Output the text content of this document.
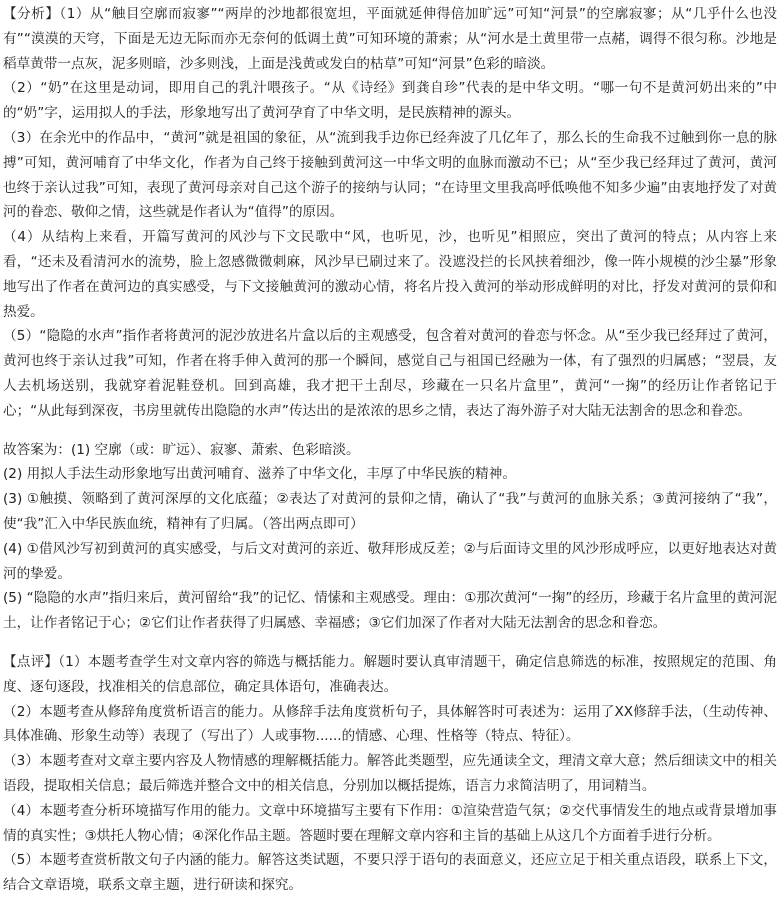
【分析】（1）从“触目空廓而寂寥”“两岸的沙地都很宽坦，平面就延伸得倍加旷远”可知“河景”的空廓寂寥；从“几乎什么也没有”“漠漠的天穹，下面是无边无际而亦无奈何的低调土黄”可知环境的萧索；从“河水是土黄里带一点赭，调得不很匀称。沙地是稻草黄带一点灰，泥多则暗，沙多则浅，上面是浅黄或发白的枯草”可知“河景”色彩的暗淡。

（2）“奶”在这里是动词，即用自己的乳汁喂孩子。“从《诗经》到龚自珍”代表的是中华文明。“哪一句不是黄河奶出来的”中的“奶”字，运用拟人的手法，形象地写出了黄河孕育了中华文明，是民族精神的源头。

（3）在余光中的作品中，“黄河”就是祖国的象征，从“流到我手边你已经奔波了几亿年了，那么长的生命我不过触到你一息的脉搏”可知，黄河哺育了中华文化，作者为自己终于接触到黄河这一中华文明的血脉而激动不已；从“至少我已经拜过了黄河，黄河也终于亲认过我”可知，表现了黄河母亲对自己这个游子的接纳与认同；“在诗里文里我高呼低唤他不知多少遍”由衷地抒发了对黄河的眷恋、敬仰之情，这些就是作者认为“值得”的原因。

（4）从结构上来看，开篇写黄河的风沙与下文民歌中“风，也听见，沙，也听见”相照应，突出了黄河的特点；从内容上来看，“还未及看清河水的流势，脸上忽感微微刺麻，风沙早已刷过来了。没遮没拦的长风挟着细沙，像一阵小规模的沙尘暴”形象地写出了作者在黄河边的真实感受，与下文接触黄河的激动心情，将名片投入黄河的举动形成鲜明的对比，抒发对黄河的景仰和热爱。

（5）“隐隐的水声”指作者将黄河的泥沙放进名片盒以后的主观感受，包含着对黄河的眷恋与怀念。从“至少我已经拜过了黄河，黄河也终于亲认过我”可知，作者在将手伸入黄河的那一个瞬间，感觉自己与祖国已经融为一体，有了强烈的归属感；“翌晨，友人去机场送别，我就穿着泥鞋登机。回到高雄，我才把干土刮尽，珍藏在一只名片盒里”，黄河“一掬”的经历让作者铭记于心；“从此每到深夜，书房里就传出隐隐的水声”传达出的是浓浓的思乡之情，表达了海外游子对大陆无法割舍的思念和眷恋。

故答案为：(1) 空廓（或：旷远）、寂寥、萧索、色彩暗淡。

(2) 用拟人手法生动形象地写出黄河哺育、滋养了中华文化，丰厚了中华民族的精神。

(3) ①触摸、领略到了黄河深厚的文化底蕴；②表达了对黄河的景仰之情，确认了“我”与黄河的血脉关系；③黄河接纳了“我”，使“我”汇入中华民族血统，精神有了归属。（答出两点即可）

(4) ①借风沙写初到黄河的真实感受，与后文对黄河的亲近、敬拜形成反差；②与后面诗文里的风沙形成呼应，以更好地表达对黄河的挚爱。

(5) “隐隐的水声”指归来后，黄河留给“我”的记忆、情愫和主观感受。理由：①那次黄河“一掬”的经历，珍藏于名片盒里的黄河泥土，让作者铭记于心；②它们让作者获得了归属感、幸福感；③它们加深了作者对大陆无法割舍的思念和眷恋。

【点评】（1）本题考查学生对文章内容的筛选与概括能力。解题时要认真审清题干，确定信息筛选的标准，按照规定的范围、角度、逐句逐段，找准相关的信息部位，确定具体语句，准确表达。

（2）本题考查从修辞角度赏析语言的能力。从修辞手法角度赏析句子，具体解答时可表述为：运用了XX修辞手法，（生动传神、具体准确、形象生动等）表现了（写出了）人或事物......的情感、心理、性格等（特点、特征）。

（3）本题考查对文章主要内容及人物情感的理解概括能力。解答此类题型，应先通读全文，理清文章大意；然后细读文中的相关语段，提取相关信息；最后筛选并整合文中的相关信息，分别加以概括提炼，语言力求简洁明了，用词精当。

（4）本题考查分析环境描写作用的能力。文章中环境描写主要有下作用：①渲染营造气氛；②交代事情发生的地点或背景增加事情的真实性；③烘托人物心情；④深化作品主题。答题时要在理解文章内容和主旨的基础上从这几个方面着手进行分析。

（5）本题考查赏析散文句子内涵的能力。解答这类试题，不要只浮于语句的表面意义，还应立足于相关重点语段，联系上下文，结合文章语境，联系文章主题，进行研读和探究。
